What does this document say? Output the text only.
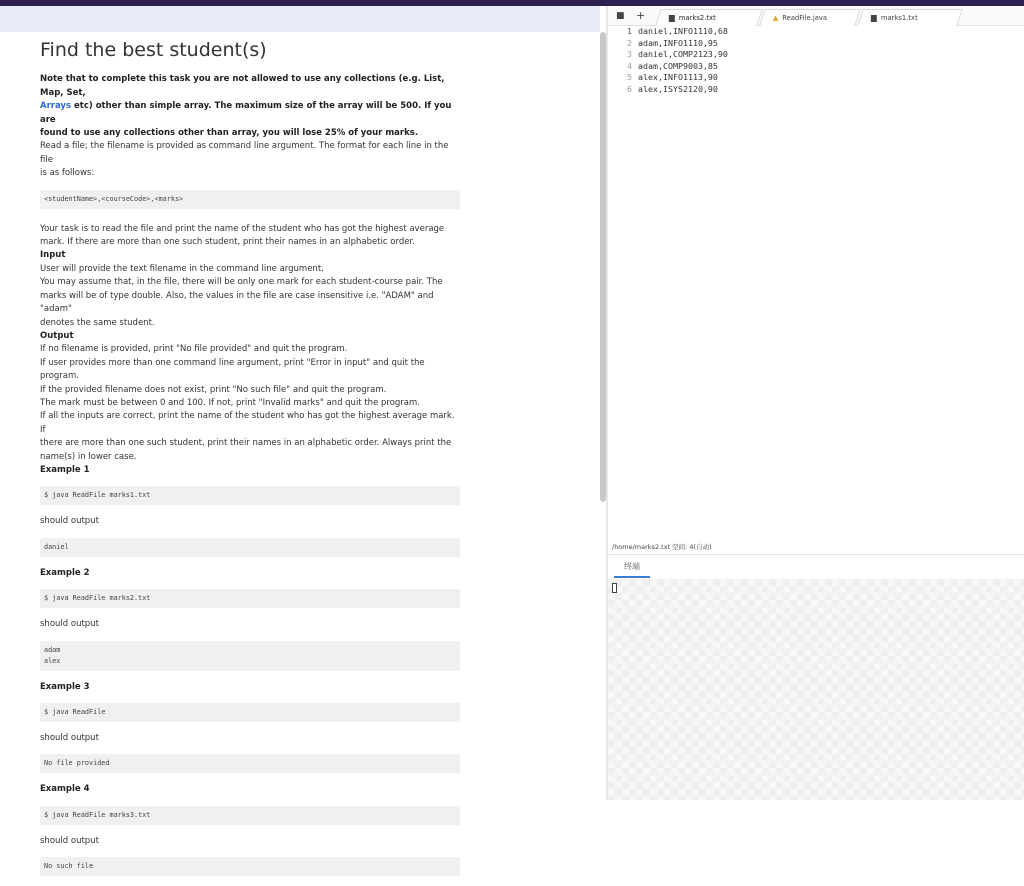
Find the best student(s)
Note that to complete this task you are not allowed to use any collections (e.g. List, Map, Set,
Arrays etc) other than simple array. The maximum size of the array will be 500. If you are
found to use any collections other than array, you will lose 25% of your marks.
Read a file; the filename is provided as command line argument. The format for each line in the file
is as follows:
<studentName>,<courseCode>,<marks>
Your task is to read the file and print the name of the student who has got the highest average
mark. If there are more than one such student, print their names in an alphabetic order.
Input
User will provide the text filename in the command line argument.
You may assume that, in the file, there will be only one mark for each student-course pair. The
marks will be of type double. Also, the values in the file are case insensitive i.e. "ADAM" and "adam"
denotes the same student.
Output
If no filename is provided, print "No file provided" and quit the program.
If user provides more than one command line argument, print "Error in input" and quit the
program.
If the provided filename does not exist, print "No such file" and quit the program.
The mark must be between 0 and 100. If not, print "Invalid marks" and quit the program.
If all the inputs are correct, print the name of the student who has got the highest average mark. If
there are more than one such student, print their names in an alphabetic order. Always print the
name(s) in lower case.
Example 1
$ java ReadFile marks1.txt
should output
daniel
Example 2
$ java ReadFile marks2.txt
should output
adam
alex
Example 3
$ java ReadFile
should output
No file provided
Example 4
$ java ReadFile marks3.txt
should output
No such file
■ +	marks2.txt	▲ ReadFile.java	marks1.txt
1 daniel,INFO1110,68
2 adam,INFO1110,95
3 daniel,COMP2123,90
4 adam,COMP9003,85
5 alex,INFO1113,90
6 alex,ISYS2120,90
/home/marks2.txt 空间: 4(自动)
终端
